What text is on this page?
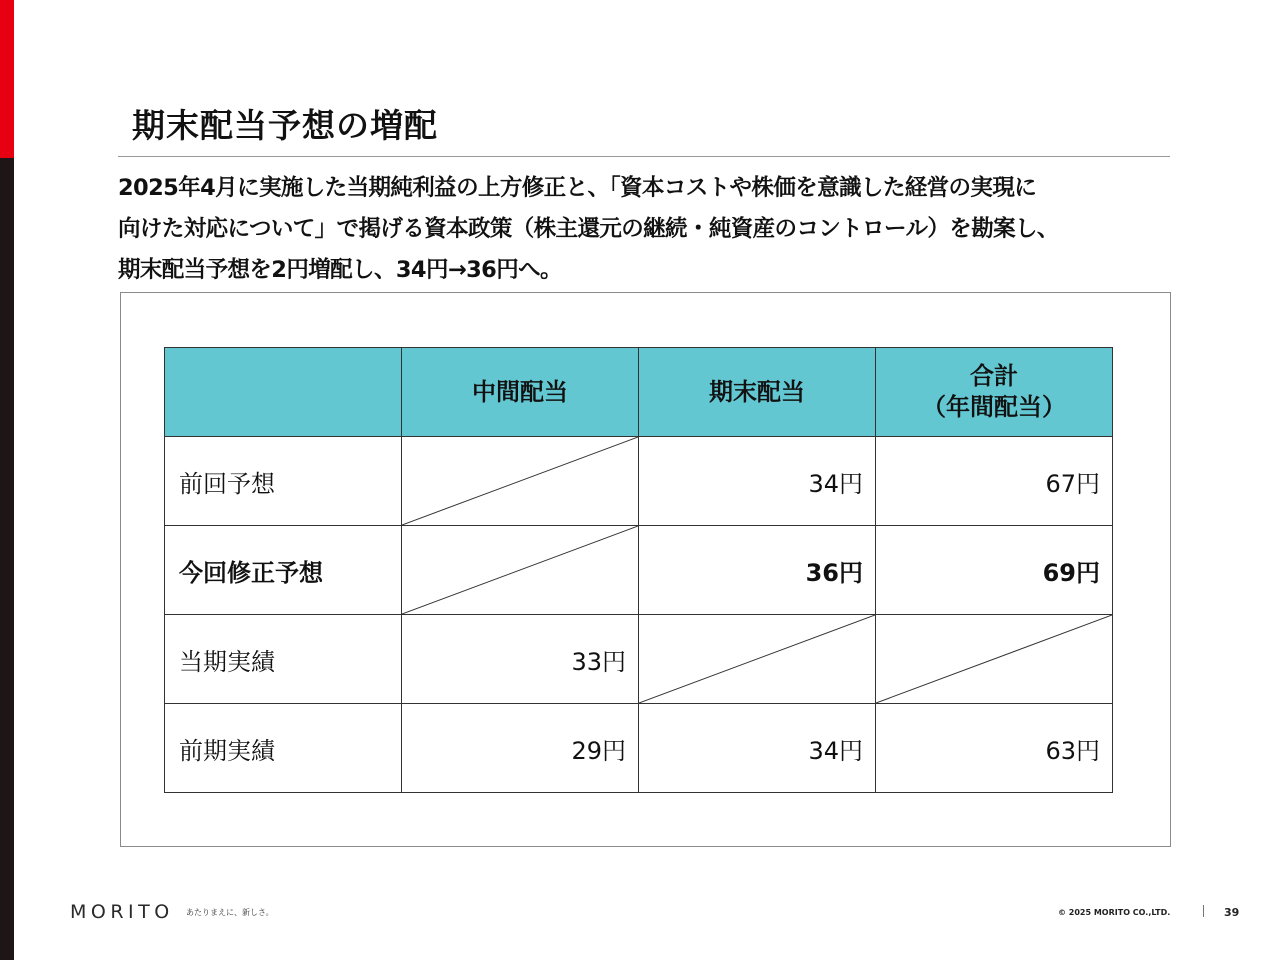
期末配当予想の増配
2025年4月に実施した当期純利益の上方修正と、「資本コストや株価を意識した経営の実現に
向けた対応について」で掲げる資本政策（株主還元の継続・純資産のコントロール）を勘案し、
期末配当予想を2円増配し、34円→36円へ。
	中間配当	期末配当	合計
（年間配当）

前回予想		34円	67円
今回修正予想		36円	69円
当期実績	33円	

前期実績	29円	34円	63円
MORITO あたりまえに、新しさ。	© 2025 MORITO CO.,LTD.	39
